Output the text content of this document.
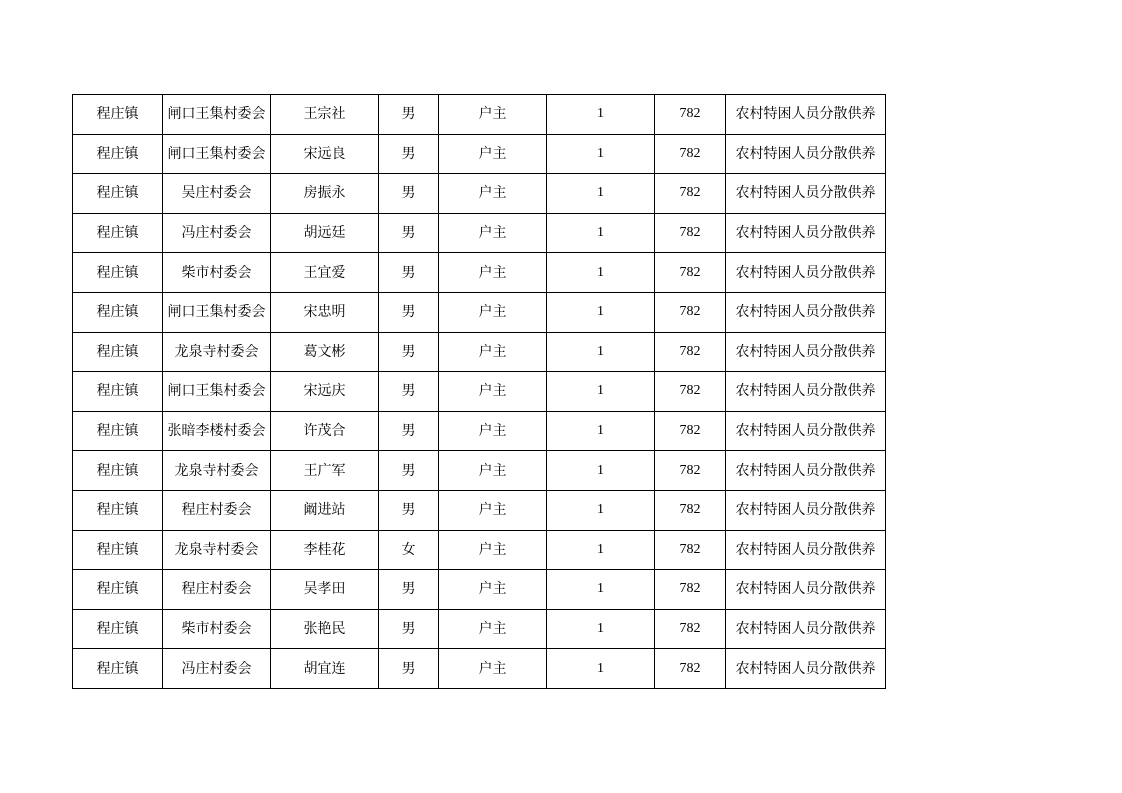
程庄镇	闸口王集村委会	王宗社	男	户主	1	782	农村特困人员分散供养
程庄镇	闸口王集村委会	宋远良	男	户主	1	782	农村特困人员分散供养
程庄镇	吴庄村委会	房振永	男	户主	1	782	农村特困人员分散供养
程庄镇	冯庄村委会	胡远廷	男	户主	1	782	农村特困人员分散供养
程庄镇	柴市村委会	王宜爱	男	户主	1	782	农村特困人员分散供养
程庄镇	闸口王集村委会	宋忠明	男	户主	1	782	农村特困人员分散供养
程庄镇	龙泉寺村委会	葛文彬	男	户主	1	782	农村特困人员分散供养
程庄镇	闸口王集村委会	宋远庆	男	户主	1	782	农村特困人员分散供养
程庄镇	张暗李楼村委会	许茂合	男	户主	1	782	农村特困人员分散供养
程庄镇	龙泉寺村委会	王广军	男	户主	1	782	农村特困人员分散供养
程庄镇	程庄村委会	阚进站	男	户主	1	782	农村特困人员分散供养
程庄镇	龙泉寺村委会	李桂花	女	户主	1	782	农村特困人员分散供养
程庄镇	程庄村委会	吴孝田	男	户主	1	782	农村特困人员分散供养
程庄镇	柴市村委会	张艳民	男	户主	1	782	农村特困人员分散供养
程庄镇	冯庄村委会	胡宜连	男	户主	1	782	农村特困人员分散供养
